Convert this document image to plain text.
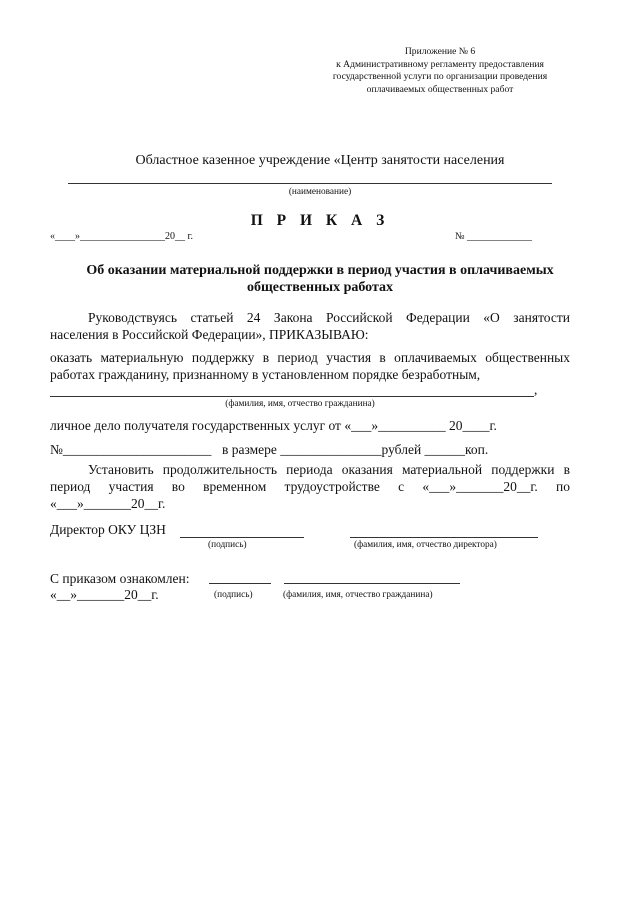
Приложение № 6
к Административному регламенту предоставления
государственной услуги по организации проведения
оплачиваемых общественных работ
Областное казенное учреждение «Центр занятости населения
(наименование)
П Р И К А З
«____»_________________20__ г.	№ _____________
Об оказании материальной поддержки в период участия в оплачиваемых общественных работах
Руководствуясь статьей 24 Закона Российской Федерации «О занятости
населения в Российской Федерации», ПРИКАЗЫВАЮ:
оказать материальную поддержку в период участия в оплачиваемых общественных
работах гражданину, признанному в установленном порядке безработным,
,
(фамилия, имя, отчество гражданина)
личное дело получателя государственных услуг от «___»__________ 20____г.
№______________________ в размере _______________рублей ______коп.
Установить продолжительность периода оказания материальной поддержки в
период участия во временном трудоустройстве с «___»_______20__г. по
«___»_______20__г.
Директор ОКУ ЦЗН
(подпись)	(фамилия, имя, отчество директора)
С приказом ознакомлен:
«__»_______20__г.	(подпись)	(фамилия, имя, отчество гражданина)
